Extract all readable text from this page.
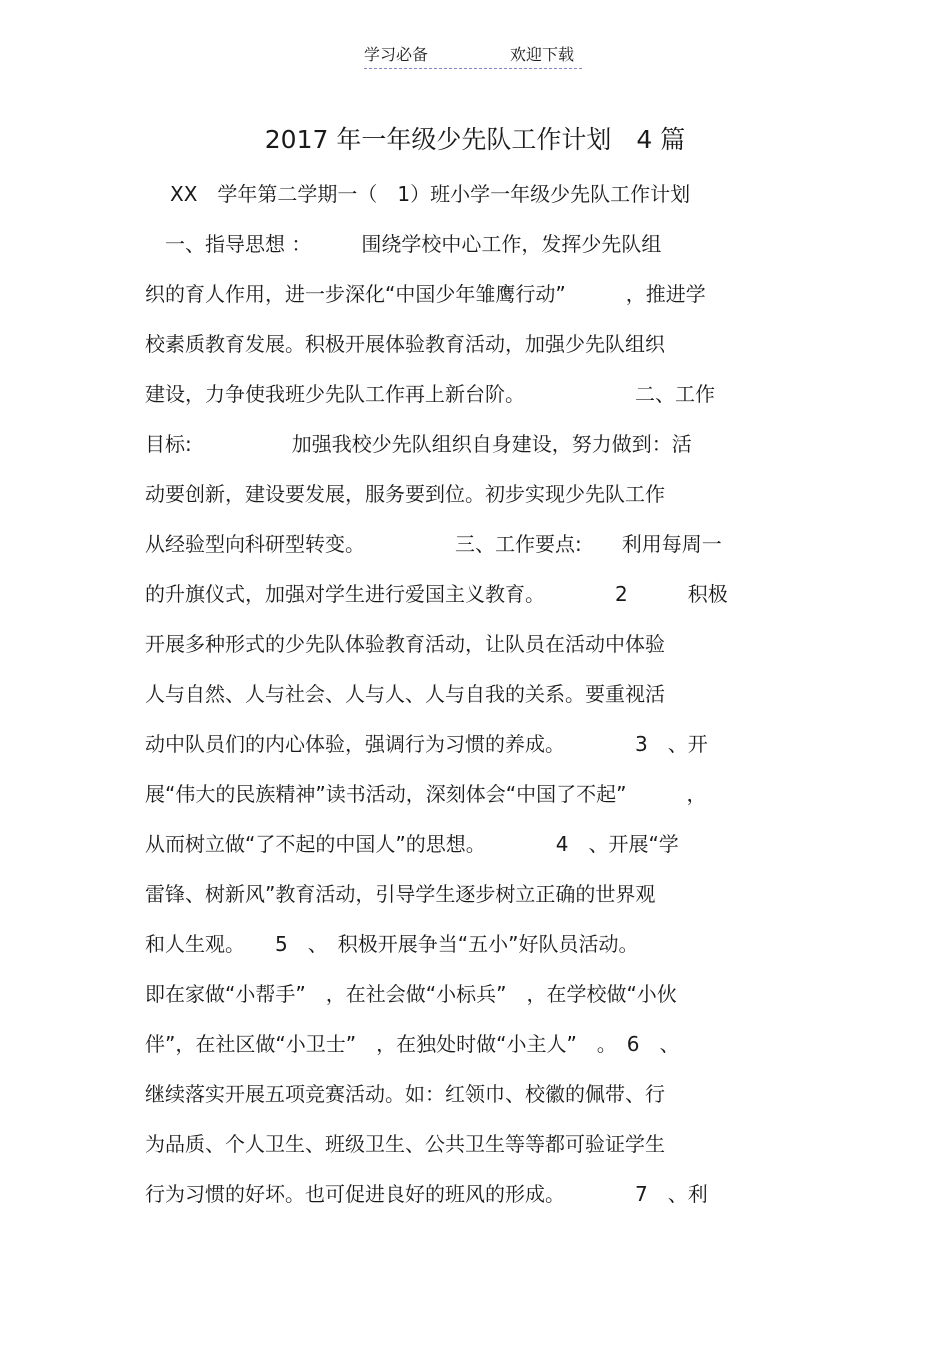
学习必备	欢迎下载
2017 年一年级少先队工作计划　4 篇
XX　学年第二学期一（　1）班小学一年级少先队工作计划
　一、指导思想 ：　　　围绕学校中心工作，发挥少先队组
织的育人作用，进一步深化“中国少年雏鹰行动”　　　，推进学
校素质教育发展。积极开展体验教育活动，加强少先队组织
建设，力争使我班少先队工作再上新台阶。　　　　　　二、工作
目标:　　　　　加强我校少先队组织自身建设，努力做到：活
动要创新，建设要发展，服务要到位。初步实现少先队工作
从经验型向科研型转变。　　　　　三、工作要点:　　利用每周一
的升旗仪式，加强对学生进行爱国主义教育。　　　　2　　　积极
开展多种形式的少先队体验教育活动，让队员在活动中体验
人与自然、人与社会、人与人、人与自我的关系。要重视活
动中队员们的内心体验，强调行为习惯的养成。　　　　3　、开
展“伟大的民族精神”读书活动，深刻体会“中国了不起”　　　，
从而树立做“了不起的中国人”的思想。　　　　4　、开展“学
雷锋、树新风”教育活动，引导学生逐步树立正确的世界观
和人生观。　　5　、　积极开展争当“五小”好队员活动。
即在家做“小帮手”　，在社会做“小标兵”　，在学校做“小伙
伴”，在社区做“小卫士”　，在独处时做“小主人”　。　6　、
继续落实开展五项竞赛活动。如：红领巾、校徽的佩带、行
为品质、个人卫生、班级卫生、公共卫生等等都可验证学生
行为习惯的好坏。也可促进良好的班风的形成。　　　　7　、利
